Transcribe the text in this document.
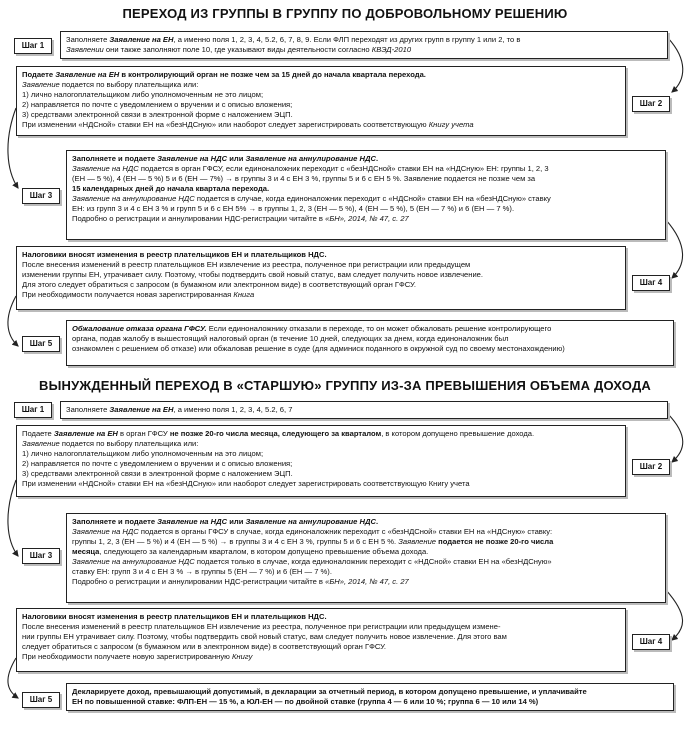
ПЕРЕХОД ИЗ ГРУППЫ В ГРУППУ ПО ДОБРОВОЛЬНОМУ РЕШЕНИЮ
Шаг 1

Заполняете Заявление на ЕН, а именно поля 1, 2, 3, 4, 5.2, 6, 7, 8, 9. Если ФЛП переходят из других групп в группу 1 или 2, то в

Заявлении они также заполняют поле 10, где указывают виды деятельности согласно КВЭД-2010

Шаг 2

Подаете Заявление на ЕН в контролирующий орган не позже чем за 15 дней до начала квартала перехода.

Заявление подается по выбору плательщика или:

1) лично налогоплательщиком либо уполномоченным не это лицом;

2) направляется по почте с уведомлением о вручении и с описью вложения;

3) средствами электронной связи в электронной форме с наложением ЭЦП.

При изменении «НДСной» ставки ЕН на «безНДСную» или наоборот следует зарегистрировать соответствующую Книгу учета

Шаг 3

Заполняете и подаете Заявление на НДС или Заявление на аннулирование НДС.

Заявление на НДС подается в орган ГФСУ, если единоналожник переходит с «безНДСной» ставки ЕН на «НДСную» ЕН: группы 1, 2, 3

(ЕН — 5 %), 4 (ЕН — 5 %) 5 и 6 (ЕН — 7%) → в группы 3 и 4 с ЕН 3 %, группы 5 и 6 с ЕН 5 %. Заявление подается не позже чем за

15 календарных дней до начала квартала перехода.

Заявление на аннулирование НДС подается в случае, когда единоналожник переходит с «НДСной» ставки ЕН на «безНДСную» ставку

ЕН: из групп 3 и 4 с ЕН 3 % и групп 5 и 6 с ЕН 5% → в группы 1, 2, 3 (ЕН — 5 %), 4 (ЕН — 5 %), 5 (ЕН — 7 %) и 6 (ЕН — 7 %).

Подробно о регистрации и аннулировании НДС-регистрации читайте в «БН», 2014, № 47, с. 27

Шаг 4

Налоговики вносят изменения в реестр плательщиков ЕН и плательщиков НДС.

После внесения изменений в реестр плательщиков ЕН извлечение из реестра, полученное при регистрации или предыдущем

изменении группы ЕН, утрачивает силу. Поэтому, чтобы подтвердить свой новый статус, вам следует получить новое извлечение.

Для этого следует обратиться с запросом (в бумажном или электронном виде) в соответствующий орган ГФСУ.

При необходимости получается новая зарегистрированная Книга

Шаг 5

Обжалование отказа органа ГФСУ. Если единоналожнику отказали в переходе, то он может обжаловать решение контролирующего

органа, подав жалобу в вышестоящий налоговый орган (в течение 10 дней, следующих за днем, когда единоналожник был

ознакомлен с решением об отказе) или обжаловав решение в суде (для админиск поданного в окружной суд по своему местонахождению)

ВЫНУЖДЕННЫЙ ПЕРЕХОД В «СТАРШУЮ» ГРУППУ ИЗ-ЗА ПРЕВЫШЕНИЯ ОБЪЕМА ДОХОДА
Шаг 1	Заполняете Заявление на ЕН, а именно поля 1, 2, 3, 4, 5.2, 6, 7

Шаг 2

Подаете Заявление на ЕН в орган ГФСУ не позже 20-го числа месяца, следующего за кварталом, в котором допущено превышение дохода.

Заявление подается по выбору плательщика или:

1) лично налогоплательщиком либо уполномоченным на это лицом;

2) направляется по почте с уведомлением о вручении и с описью вложения;

3) средствами электронной связи в электронной форме с наложением ЭЦП.

При изменении «НДСной» ставки ЕН на «безНДСную» или наоборот следует зарегистрировать соответствующую Книгу учета

Шаг 3

Заполняете и подаете Заявление на НДС или Заявление на аннулирование НДС.

Заявление на НДС подается в органы ГФСУ в случае, когда единоналожник переходит с «безНДСной» ставки ЕН на «НДСную» ставку:

группы 1, 2, 3 (ЕН — 5 %) и 4 (ЕН — 5 %) → в группы 3 и 4 с ЕН 3 %, группы 5 и 6 с ЕН 5 %. Заявление подается не позже 20-го числа

месяца, следующего за календарным кварталом, в котором допущено превышение объема дохода.

Заявление на аннулирование НДС подается только в случае, когда единоналожник переходит с «НДСной» ставки ЕН на «безНДСную»

ставку ЕН: групп 3 и 4 с ЕН 3 % → в группы 5 (ЕН — 7 %) и 6 (ЕН — 7 %).

Подробно о регистрации и аннулировании НДС-регистрации читайте в «БН», 2014, № 47, с. 27

Шаг 4

Налоговики вносят изменения в реестр плательщиков ЕН и плательщиков НДС.

После внесения изменений в реестр плательщиков ЕН извлечение из реестра, полученное при регистрации или предыдущем измене-

нии группы ЕН утрачивает силу. Поэтому, чтобы подтвердить свой новый статус, вам следует получить новое извлечение. Для этого вам

следует обратиться с запросом (в бумажном или в электронном виде) в соответствующий орган ГФСУ.

При необходимости получаете новую зарегистрированную Книгу

Шаг 5

Декларируете доход, превышающий допустимый, в декларации за отчетный период, в котором допущено превышение, и уплачивайте

ЕН по повышенной ставке: ФЛП-ЕН — 15 %, а ЮЛ-ЕН — по двойной ставке (группа 4 — 6 или 10 %; группа 6 — 10 или 14 %)
